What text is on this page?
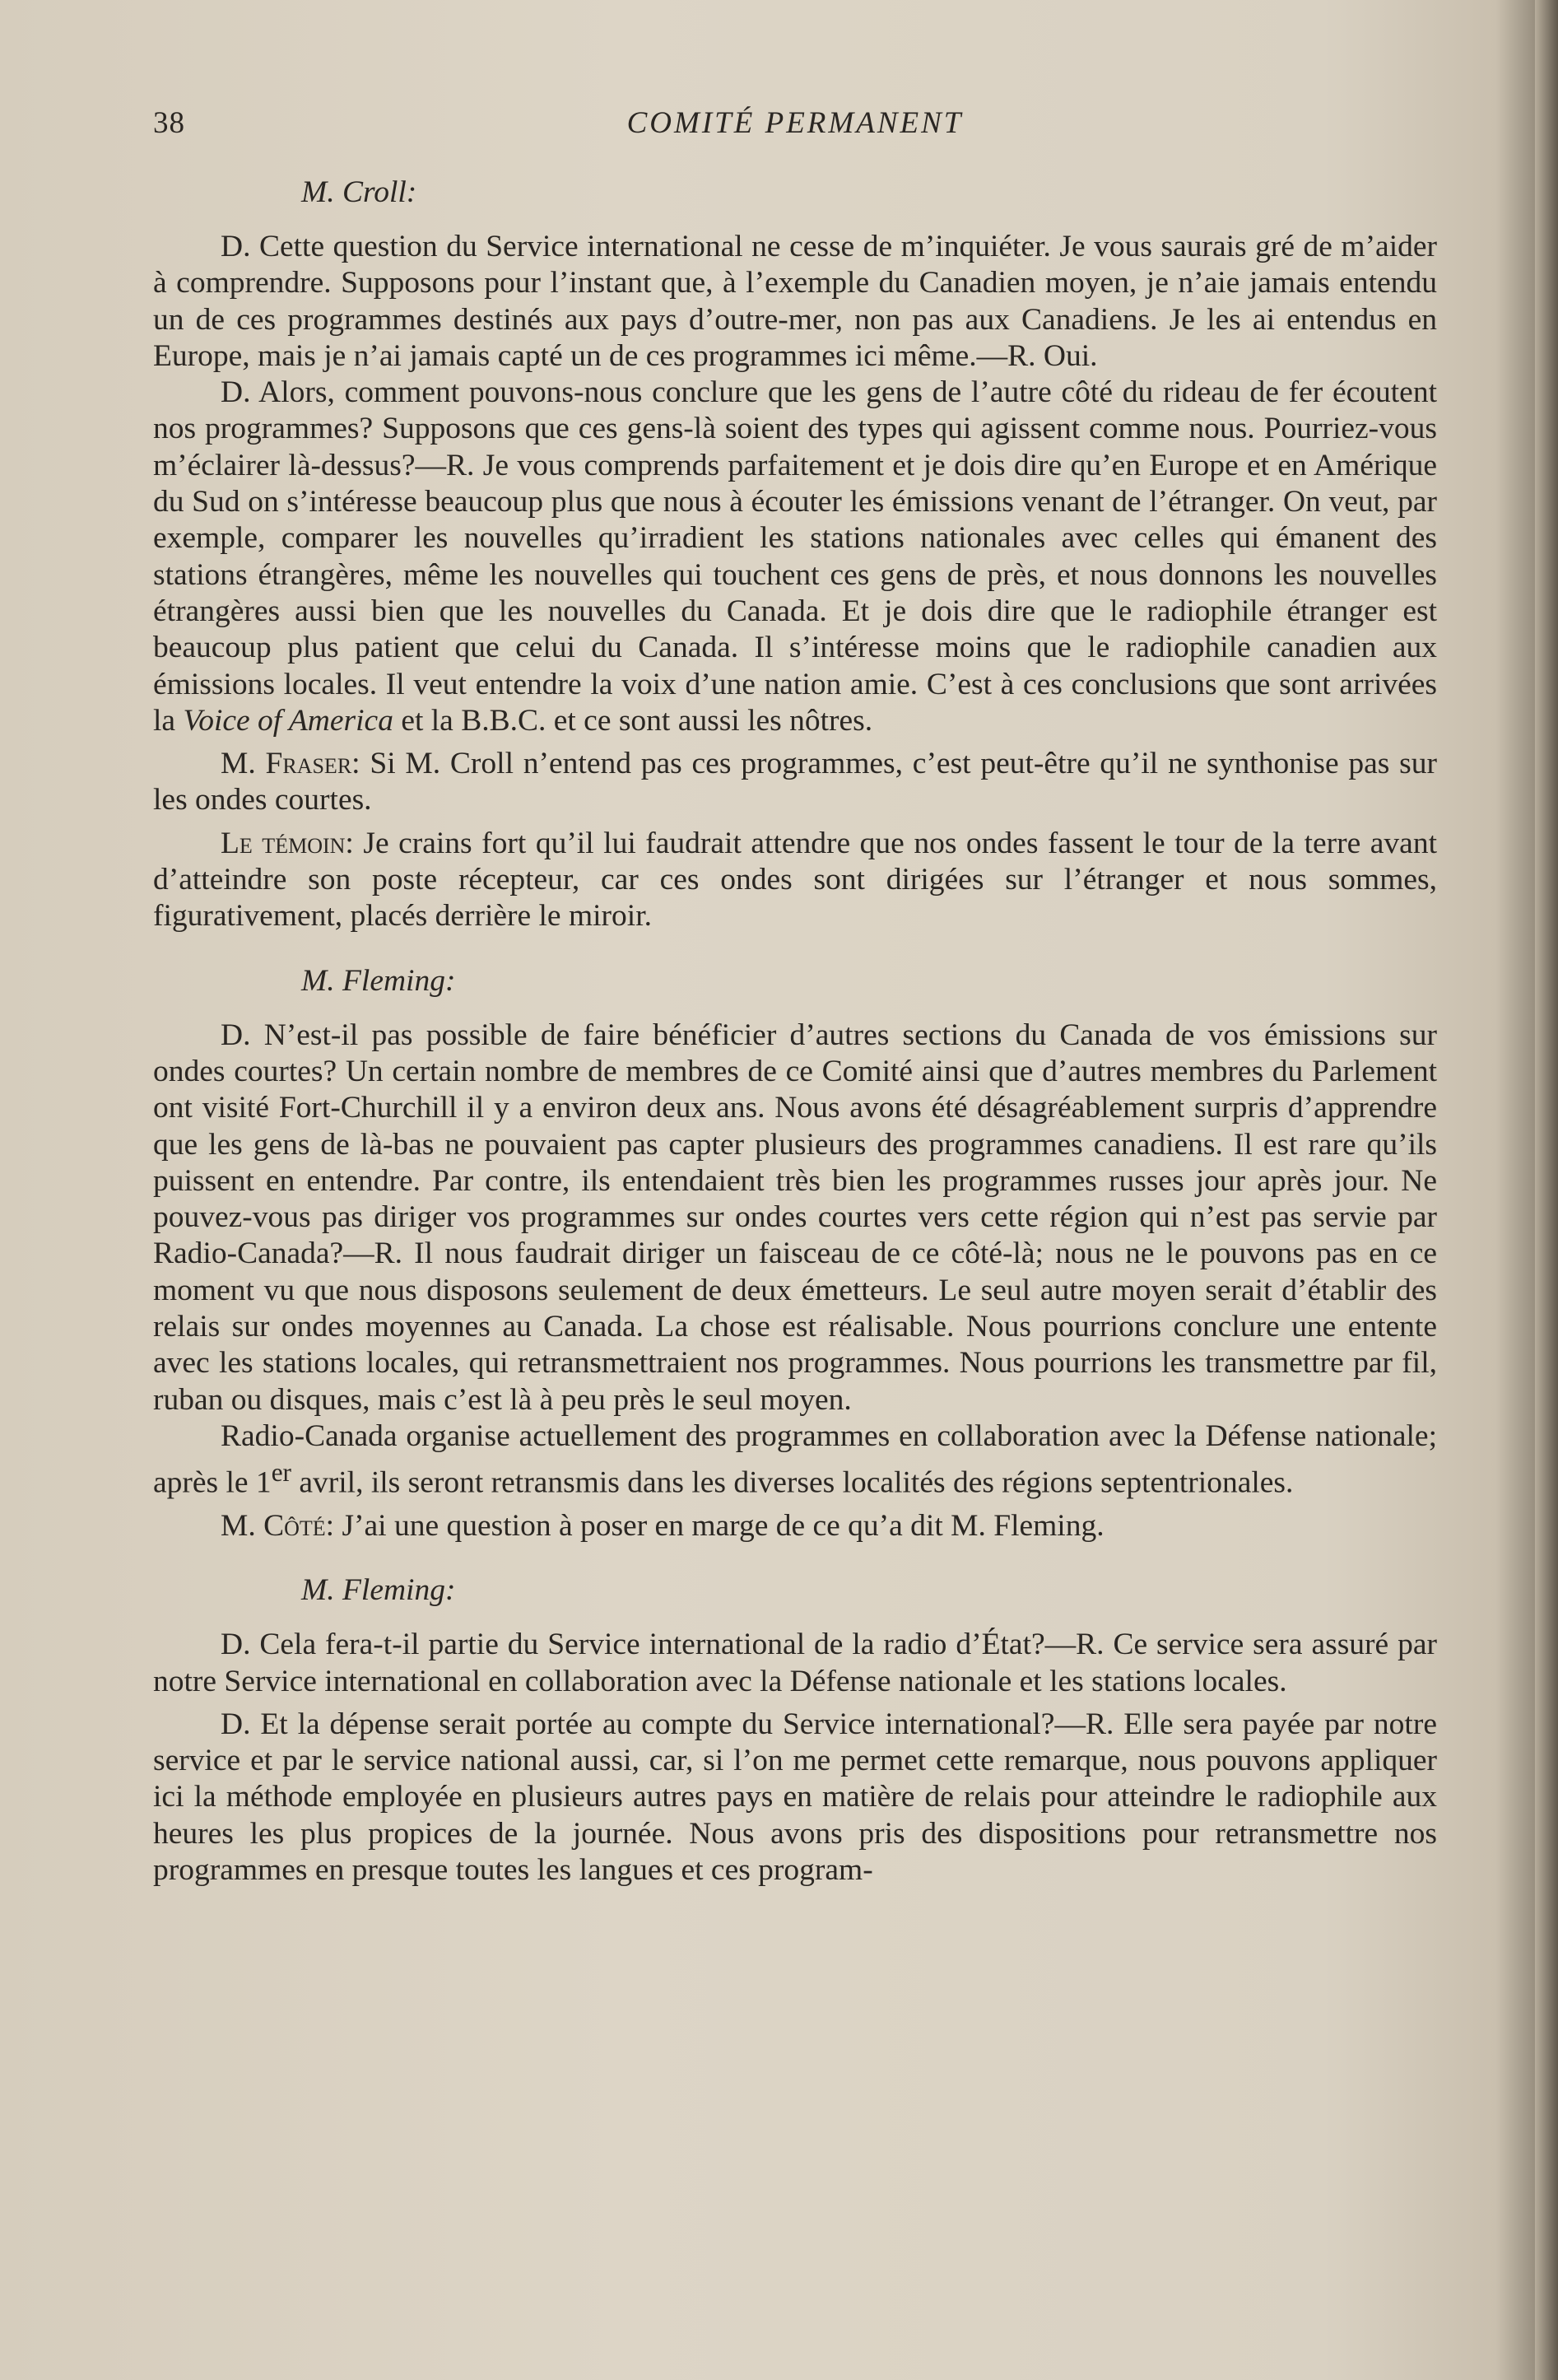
38	COMITÉ PERMANENT
M. Croll:

D. Cette question du Service international ne cesse de m’inquiéter. Je vous saurais gré de m’aider à comprendre. Supposons pour l’instant que, à l’exemple du Canadien moyen, je n’aie jamais entendu un de ces programmes destinés aux pays d’outre-mer, non pas aux Canadiens. Je les ai entendus en Europe, mais je n’ai jamais capté un de ces programmes ici même.—R. Oui.

D. Alors, comment pouvons-nous conclure que les gens de l’autre côté du rideau de fer écoutent nos programmes? Supposons que ces gens-là soient des types qui agissent comme nous. Pourriez-vous m’éclairer là-dessus?—R. Je vous comprends parfaitement et je dois dire qu’en Europe et en Amérique du Sud on s’intéresse beaucoup plus que nous à écouter les émissions venant de l’étranger. On veut, par exemple, comparer les nouvelles qu’irradient les stations nationales avec celles qui émanent des stations étrangères, même les nouvelles qui touchent ces gens de près, et nous donnons les nouvelles étrangères aussi bien que les nouvelles du Canada. Et je dois dire que le radiophile étranger est beaucoup plus patient que celui du Canada. Il s’intéresse moins que le radiophile canadien aux émissions locales. Il veut entendre la voix d’une nation amie. C’est à ces conclusions que sont arrivées la Voice of America et la B.B.C. et ce sont aussi les nôtres.

M. Fraser: Si M. Croll n’entend pas ces programmes, c’est peut-être qu’il ne synthonise pas sur les ondes courtes.

Le témoin: Je crains fort qu’il lui faudrait attendre que nos ondes fassent le tour de la terre avant d’atteindre son poste récepteur, car ces ondes sont dirigées sur l’étranger et nous sommes, figurativement, placés derrière le miroir.

M. Fleming:

D. N’est-il pas possible de faire bénéficier d’autres sections du Canada de vos émissions sur ondes courtes? Un certain nombre de membres de ce Comité ainsi que d’autres membres du Parlement ont visité Fort-Churchill il y a environ deux ans. Nous avons été désagréablement surpris d’apprendre que les gens de là-bas ne pouvaient pas capter plusieurs des programmes canadiens. Il est rare qu’ils puissent en entendre. Par contre, ils entendaient très bien les programmes russes jour après jour. Ne pouvez-vous pas diriger vos programmes sur ondes courtes vers cette région qui n’est pas servie par Radio-Canada?—R. Il nous faudrait diriger un faisceau de ce côté-là; nous ne le pouvons pas en ce moment vu que nous disposons seulement de deux émetteurs. Le seul autre moyen serait d’établir des relais sur ondes moyennes au Canada. La chose est réalisable. Nous pourrions conclure une entente avec les stations locales, qui retransmettraient nos programmes. Nous pourrions les transmettre par fil, ruban ou disques, mais c’est là à peu près le seul moyen.

Radio-Canada organise actuellement des programmes en collaboration avec la Défense nationale; après le 1er avril, ils seront retransmis dans les diverses localités des régions septentrionales.

M. Côté: J’ai une question à poser en marge de ce qu’a dit M. Fleming.

M. Fleming:

D. Cela fera-t-il partie du Service international de la radio d’État?—R. Ce service sera assuré par notre Service international en collaboration avec la Défense nationale et les stations locales.

D. Et la dépense serait portée au compte du Service international?—R. Elle sera payée par notre service et par le service national aussi, car, si l’on me permet cette remarque, nous pouvons appliquer ici la méthode employée en plusieurs autres pays en matière de relais pour atteindre le radiophile aux heures les plus propices de la journée. Nous avons pris des dispositions pour retransmettre nos programmes en presque toutes les langues et ces program-
